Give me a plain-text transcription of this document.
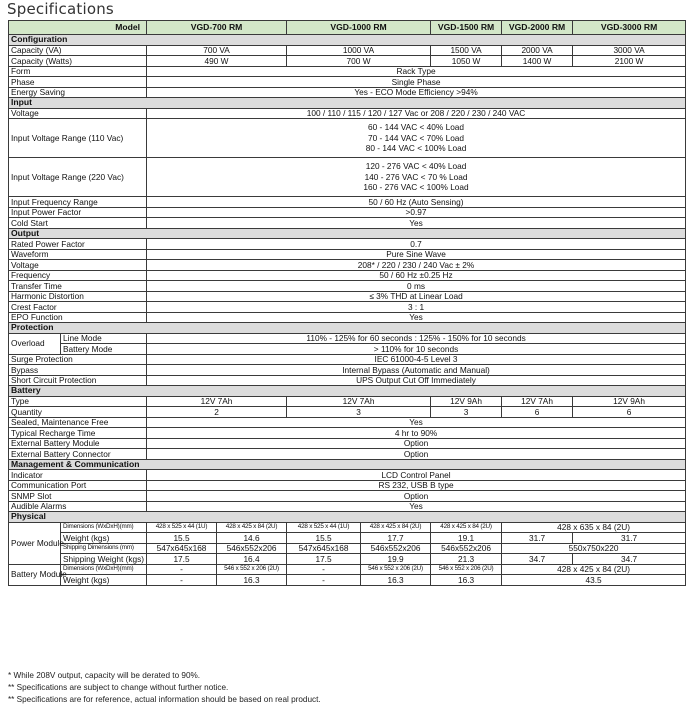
Specifications
Model		VGD-700 RM		VGD-1000 RM		VGD-1500 RM	VGD-2000 RM	VGD-3000 RM
Configuration								
Capacity (VA)		700 VA		1000 VA		1500 VA	2000 VA	3000 VA
Capacity (Watts)		490 W		700 W		1050 W	1400 W	2100 W
Form		Rack Type						
Phase		Single Phase						
Energy Saving		Yes - ECO Mode Efficiency >94%						
Input								
Voltage		100 / 110 / 115 / 120 / 127 Vac or 208 / 220 / 230 / 240 VAC						
Input Voltage Range (110 Vac)		60 - 144 VAC < 40% Load
70 - 144 VAC < 70% Load
80 - 144 VAC < 100% Load						

Input Voltage Range (220 Vac)		120 - 276 VAC < 40% Load
140 - 276 VAC < 70 % Load
160 - 276 VAC < 100% Load						

Input Frequency Range		50 / 60 Hz (Auto Sensing)						
Input Power Factor		>0.97						
Cold Start		Yes						
Output								
Rated Power Factor		0.7						
Waveform		Pure Sine Wave						
Voltage		208* / 220 / 230 / 240 Vac ± 2%						
Frequency		50 / 60 Hz ±0.25 Hz						
Transfer Time		0 ms						
Harmonic Distortion		≤ 3% THD at Linear Load						
Crest Factor		3 : 1						
EPO Function		Yes						
Protection								
Overload	Line Mode	110% - 125% for 60 seconds : 125% - 150% for 10 seconds						
	Battery Mode	> 110% for 10 seconds						
Surge Protection		IEC 61000-4-5 Level 3						
Bypass		Internal Bypass (Automatic and Manual)						
Short Circuit Protection		UPS Output Cut Off Immediately						
Battery								
Type		12V 7Ah		12V 7Ah		12V 9Ah	12V 7Ah	12V 9Ah
Quantity		2		3		3	6	6
Sealed, Maintenance Free		Yes						
Typical Recharge Time		4 hr to 90%						
External Battery Module		Option						
External Battery Connector		Option						
Management & Communication								
Indicator		LCD Control Panel						
Communication Port		RS 232, USB B type						
SNMP Slot		Option						
Audible Alarms		Yes						
Physical								
Power Module	Dimensions (WxDxH)(mm)	428 x 525 x 44 (1U)	428 x 425 x 84 (2U)	428 x 525 x 44 (1U)	428 x 425 x 84 (2U)	428 x 425 x 84 (2U)	428 x 635 x 84 (2U)	
	Weight (kgs)	15.5	14.6	15.5	17.7	19.1	31.7	31.7
	Shipping Dimensions (mm)	547x645x168	546x552x206	547x645x168	546x552x206	546x552x206	550x750x220	
	Shipping Weight (kgs)	17.5	16.4	17.5	19.9	21.3	34.7	34.7
Battery Module	Dimensions (WxDxH)(mm)	-	546 x 552 x 206 (2U)	-	546 x 552 x 206 (2U)	546 x 552 x 206 (2U)	428 x 425 x 84 (2U)	
	Weight (kgs)	-	16.3	-	16.3	16.3	43.5	
* While 208V output, capacity will be derated to 90%.
** Specifications are subject to change without further notice.
** Specifications are for reference, actual information should be based on real product.
